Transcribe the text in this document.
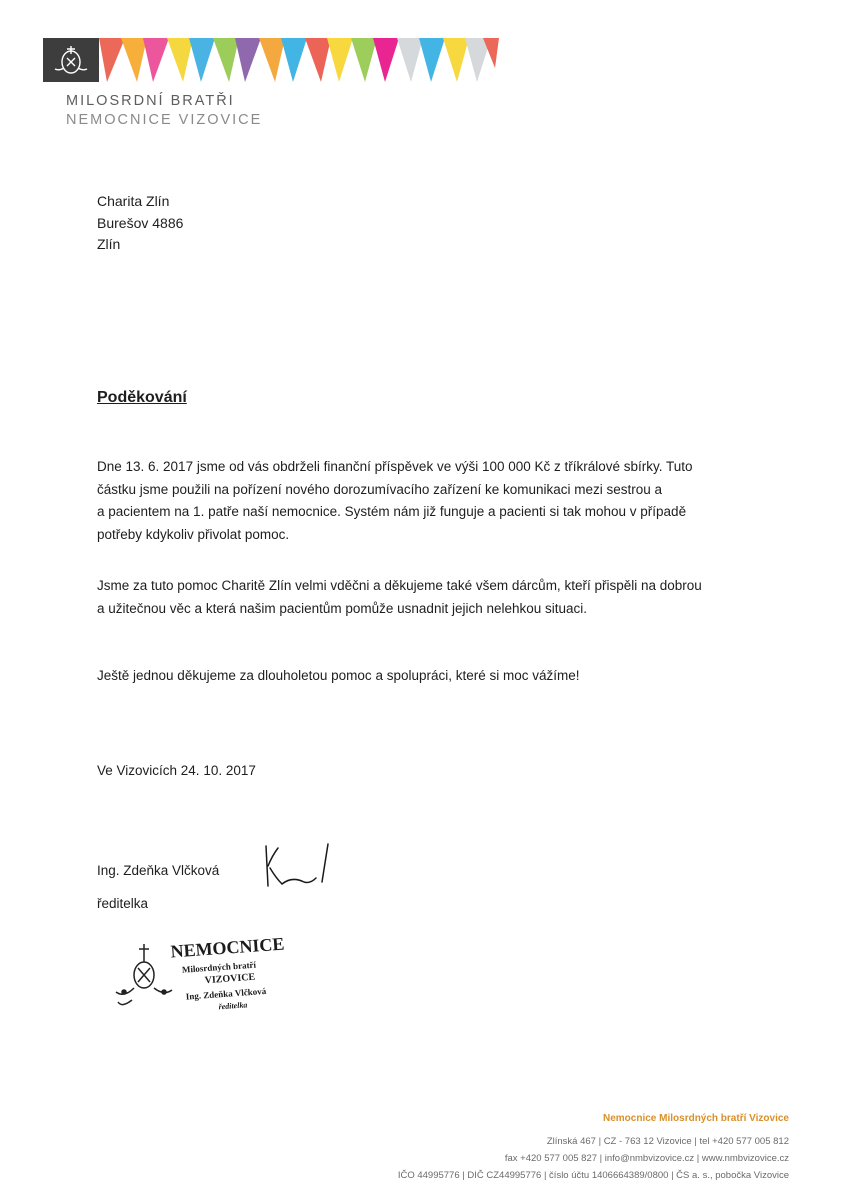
MILOSRDNÍ BRATŘI
NEMOCNICE VIZOVICE
Charita Zlín
Burešov 4886
Zlín
Poděkování
Dne 13. 6. 2017 jsme od vás obdrželi finanční příspěvek ve výši 100 000 Kč z tříkrálové sbírky. Tuto
částku jsme použili na pořízení nového dorozumívacího zařízení ke komunikaci mezi sestrou a
a pacientem na 1. patře naší nemocnice. Systém nám již funguje a pacienti si tak mohou v případě
potřeby kdykoliv přivolat pomoc.
Jsme za tuto pomoc Charitě Zlín velmi vděčni a děkujeme také všem dárcům, kteří přispěli na dobrou
a užitečnou věc a která našim pacientům pomůže usnadnit jejich nelehkou situaci.
Ještě jednou děkujeme za dlouholetou pomoc a spolupráci, které si moc vážíme!
Ve Vizovicích 24. 10. 2017
Ing. Zdeňka Vlčková
ředitelka
NEMOCNICE
Milosrdných bratří
VIZOVICE
Ing. Zdeňka Vlčková
ředitelka
Nemocnice Milosrdných bratří Vizovice
Zlínská 467 | CZ - 763 12 Vizovice | tel +420 577 005 812
fax +420 577 005 827 | info@nmbvizovice.cz | www.nmbvizovice.cz
IČO 44995776 | DIČ CZ44995776 | číslo účtu 1406664389/0800 | ČS a. s., pobočka Vizovice
